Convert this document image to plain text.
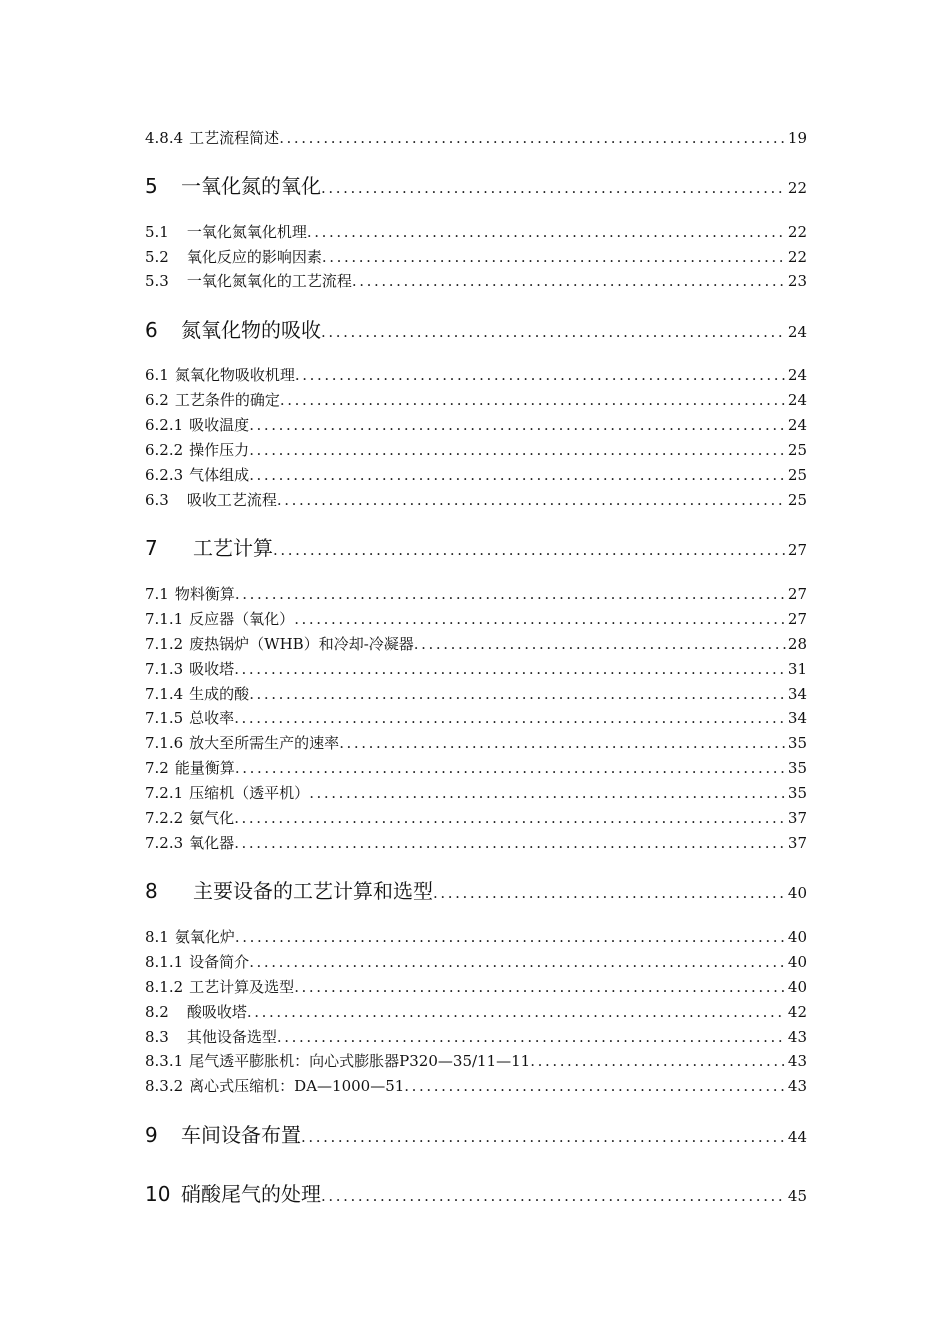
4.8.4 工艺流程简述 .....	19
5	一氧化氮的氧化 .....	22
5.1 一氧化氮氧化机理 .....	22
5.2 氧化反应的影响因素 .....	22
5.3 一氧化氮氧化的工艺流程 .....	23
6	氮氧化物的吸收 .....	24
6.1 氮氧化物吸收机理 .....	24
6.2 工艺条件的确定 .....	24
6.2.1 吸收温度 .....	24
6.2.2 操作压力 .....	25
6.2.3 气体组成 .....	25
6.3 吸收工艺流程 .....	25
7	工艺计算 .....	27
7.1 物料衡算 .....	27
7.1.1 反应器（氧化） .....	27
7.1.2 废热锅炉（WHB）和冷却-冷凝器 .....	28
7.1.3 吸收塔 .....	31
7.1.4 生成的酸 .....	34
7.1.5 总收率 .....	34
7.1.6 放大至所需生产的速率 .....	35
7.2 能量衡算 .....	35
7.2.1 压缩机（透平机） .....	35
7.2.2 氨气化 .....	37
7.2.3 氧化器 .....	37
8	主要设备的工艺计算和选型 .....	40
8.1 氨氧化炉 .....	40
8.1.1 设备简介 .....	40
8.1.2 工艺计算及选型 .....	40
8.2 酸吸收塔 .....	42
8.3 其他设备选型 .....	43
8.3.1 尾气透平膨胀机：向心式膨胀器P320—35/11—11 .....	43
8.3.2 离心式压缩机：DA—1000—51 .....	43
9	车间设备布置 .....	44
10 硝酸尾气的处理 .....	45
